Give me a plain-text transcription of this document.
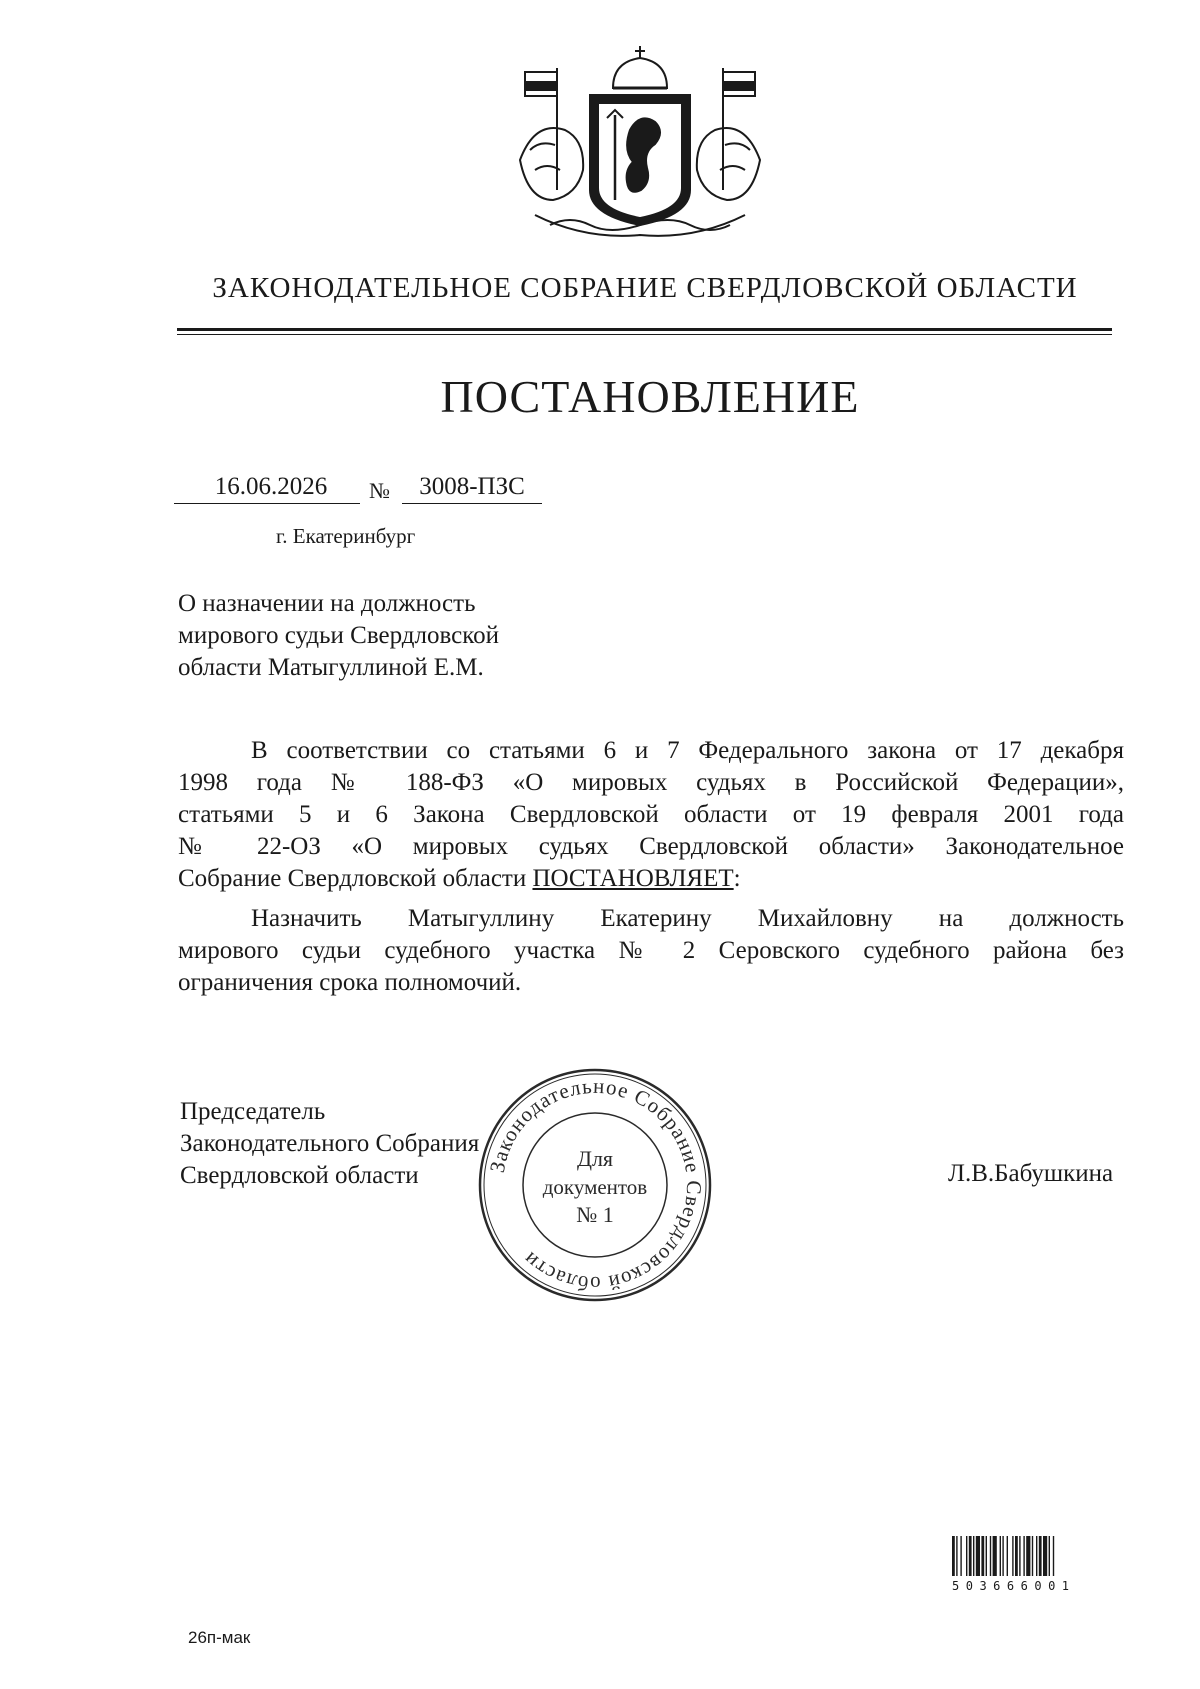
ЗАКОНОДАТЕЛЬНОЕ СОБРАНИЕ СВЕРДЛОВСКОЙ ОБЛАСТИ
ПОСТАНОВЛЕНИЕ
16.06.2026	№	3008-ПЗС
г. Екатеринбург
О назначении на должность
мирового судьи Свердловской
области Матыгуллиной Е.М.
В соответствии со статьями 6 и 7 Федерального закона от 17 декабря
1998 года № 188-ФЗ «О мировых судьях в Российской Федерации»,
статьями 5 и 6 Закона Свердловской области от 19 февраля 2001 года
№ 22-ОЗ «О мировых судьях Свердловской области» Законодательное
Собрание Свердловской области ПОСТАНОВЛЯЕТ:
Назначить Матыгуллину Екатерину Михайловну на должность
мирового судьи судебного участка № 2 Серовского судебного района без
ограничения срока полномочий.
Председатель
Законодательного Собрания
Свердловской области	Законодательное Собрание Свердловской области
Для
документов
№ 1
Л.В.Бабушкина
503666001
26п-мак
